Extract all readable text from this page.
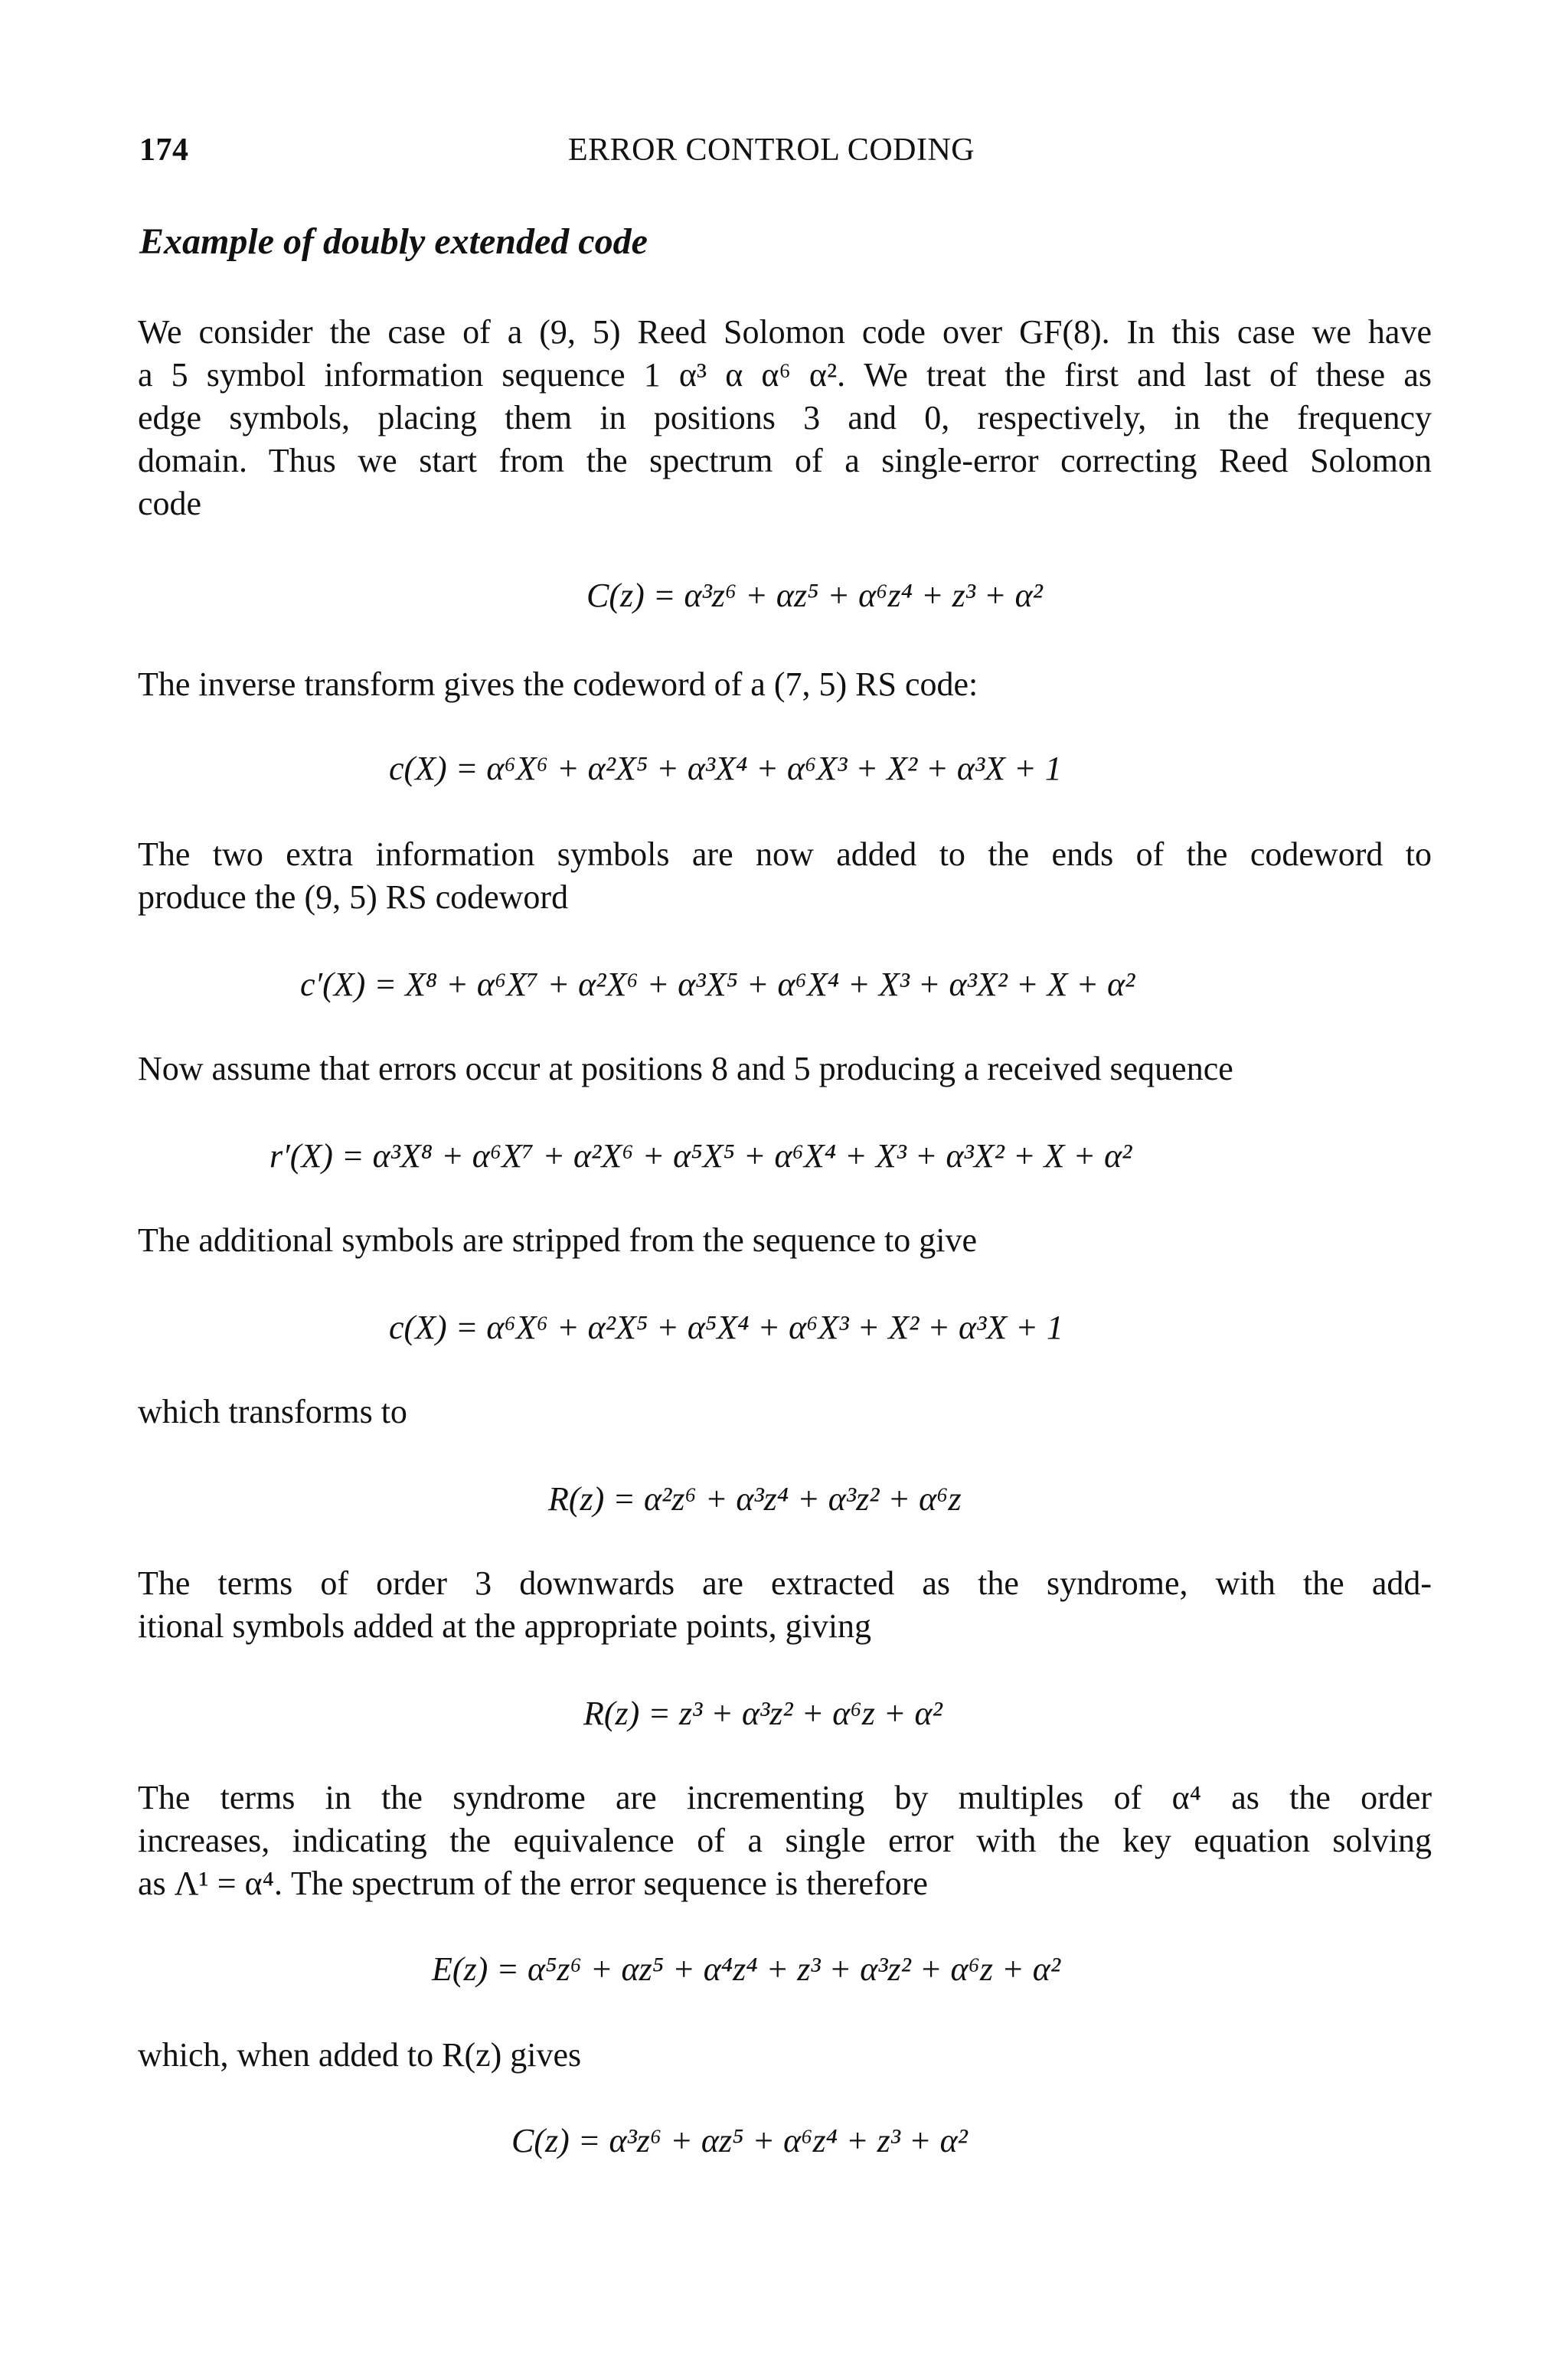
174	ERROR CONTROL CODING
Example of doubly extended code
We consider the case of a (9, 5) Reed Solomon code over GF(8). In this case we have
a 5 symbol information sequence 1 α³ α α⁶ α². We treat the first and last of these as
edge symbols, placing them in positions 3 and 0, respectively, in the frequency
domain. Thus we start from the spectrum of a single-error correcting Reed Solomon
code
C(z) = α³z⁶ + αz⁵ + α⁶z⁴ + z³ + α²
The inverse transform gives the codeword of a (7, 5) RS code:
c(X) = α⁶X⁶ + α²X⁵ + α³X⁴ + α⁶X³ + X² + α³X + 1
The two extra information symbols are now added to the ends of the codeword to
produce the (9, 5) RS codeword
c′(X) = X⁸ + α⁶X⁷ + α²X⁶ + α³X⁵ + α⁶X⁴ + X³ + α³X² + X + α²
Now assume that errors occur at positions 8 and 5 producing a received sequence
r′(X) = α³X⁸ + α⁶X⁷ + α²X⁶ + α⁵X⁵ + α⁶X⁴ + X³ + α³X² + X + α²
The additional symbols are stripped from the sequence to give
c(X) = α⁶X⁶ + α²X⁵ + α⁵X⁴ + α⁶X³ + X² + α³X + 1
which transforms to
R(z) = α²z⁶ + α³z⁴ + α³z² + α⁶z
The terms of order 3 downwards are extracted as the syndrome, with the add-
itional symbols added at the appropriate points, giving
R(z) = z³ + α³z² + α⁶z + α²
The terms in the syndrome are incrementing by multiples of α⁴ as the order
increases, indicating the equivalence of a single error with the key equation solving
as Λ¹ = α⁴. The spectrum of the error sequence is therefore
E(z) = α⁵z⁶ + αz⁵ + α⁴z⁴ + z³ + α³z² + α⁶z + α²
which, when added to R(z) gives
C(z) = α³z⁶ + αz⁵ + α⁶z⁴ + z³ + α²
